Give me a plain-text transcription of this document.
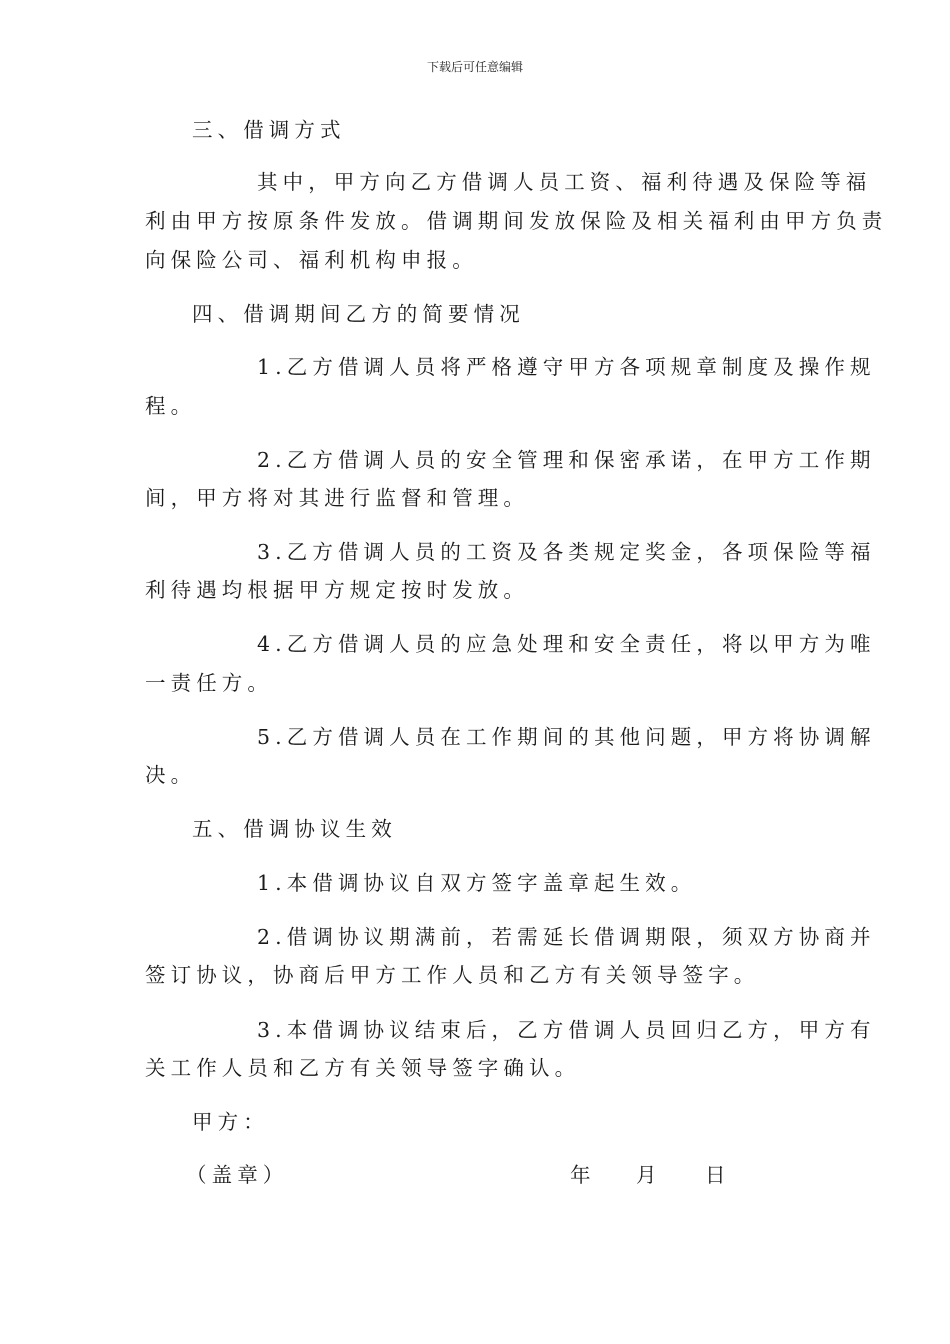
下载后可任意编辑
三、借调方式
其中，甲方向乙方借调人员工资、福利待遇及保险等福
利由甲方按原条件发放。借调期间发放保险及相关福利由甲方负责
向保险公司、福利机构申报。
四、借调期间乙方的简要情况
1.乙方借调人员将严格遵守甲方各项规章制度及操作规
程。
2.乙方借调人员的安全管理和保密承诺，在甲方工作期
间，甲方将对其进行监督和管理。
3.乙方借调人员的工资及各类规定奖金，各项保险等福
利待遇均根据甲方规定按时发放。
4.乙方借调人员的应急处理和安全责任，将以甲方为唯
一责任方。
5.乙方借调人员在工作期间的其他问题，甲方将协调解
决。
五、借调协议生效
1.本借调协议自双方签字盖章起生效。
2.借调协议期满前，若需延长借调期限，须双方协商并
签订协议，协商后甲方工作人员和乙方有关领导签字。
3.本借调协议结束后，乙方借调人员回归乙方，甲方有
关工作人员和乙方有关领导签字确认。
甲方：
（盖章）	年 月 日
